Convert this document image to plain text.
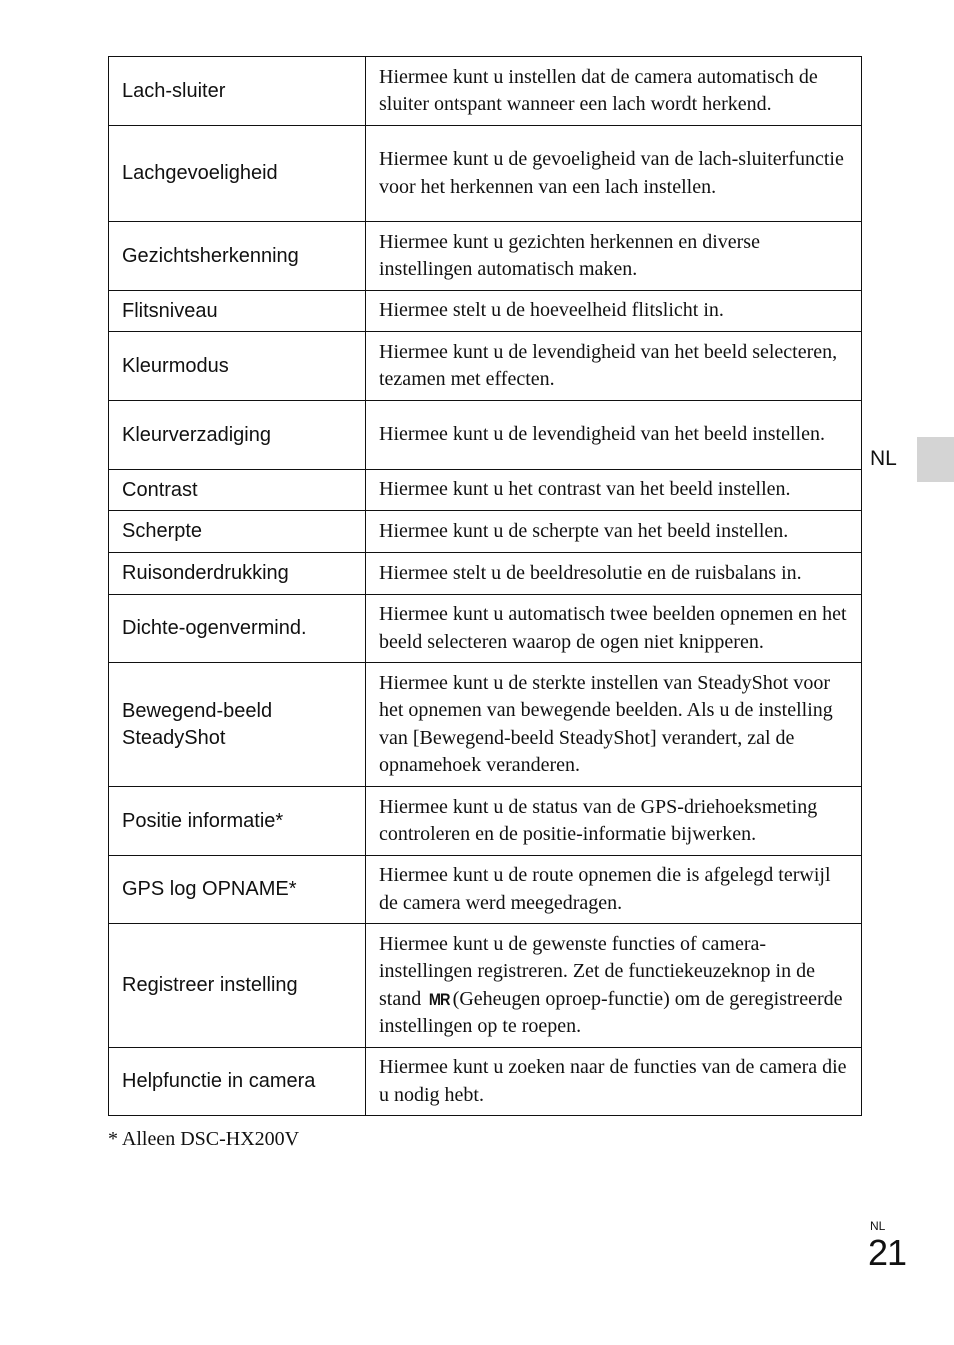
Lach-sluiter	Hiermee kunt u instellen dat de camera automatisch de sluiter ontspant wanneer een lach wordt herkend.
Lachgevoeligheid	Hiermee kunt u de gevoeligheid van de lach-sluiterfunctie voor het herkennen van een lach instellen.
Gezichtsherkenning	Hiermee kunt u gezichten herkennen en diverse instellingen automatisch maken.
Flitsniveau	Hiermee stelt u de hoeveelheid flitslicht in.
Kleurmodus	Hiermee kunt u de levendigheid van het beeld selecteren, tezamen met effecten.
Kleurverzadiging	Hiermee kunt u de levendigheid van het beeld instellen.
Contrast	Hiermee kunt u het contrast van het beeld instellen.
Scherpte	Hiermee kunt u de scherpte van het beeld instellen.
Ruisonderdrukking	Hiermee stelt u de beeldresolutie en de ruisbalans in.
Dichte-ogenvermind.	Hiermee kunt u automatisch twee beelden opnemen en het beeld selecteren waarop de ogen niet knipperen.
Bewegend-beeld SteadyShot	Hiermee kunt u de sterkte instellen van SteadyShot voor het opnemen van bewegende beelden. Als u de instelling van [Bewegend-beeld SteadyShot] verandert, zal de opnamehoek veranderen.
Positie informatie*	Hiermee kunt u de status van de GPS-driehoeksmeting controleren en de positie-informatie bijwerken.
GPS log OPNAME*	Hiermee kunt u de route opnemen die is afgelegd terwijl de camera werd meegedragen.
Registreer instelling	Hiermee kunt u de gewenste functies of camera-instellingen registreren. Zet de functiekeuzeknop in de stand MR (Geheugen oproep-functie) om de geregistreerde instellingen op te roepen.
Helpfunctie in camera	Hiermee kunt u zoeken naar de functies van de camera die u nodig hebt.
* Alleen DSC-HX200V
NL
NL
21
